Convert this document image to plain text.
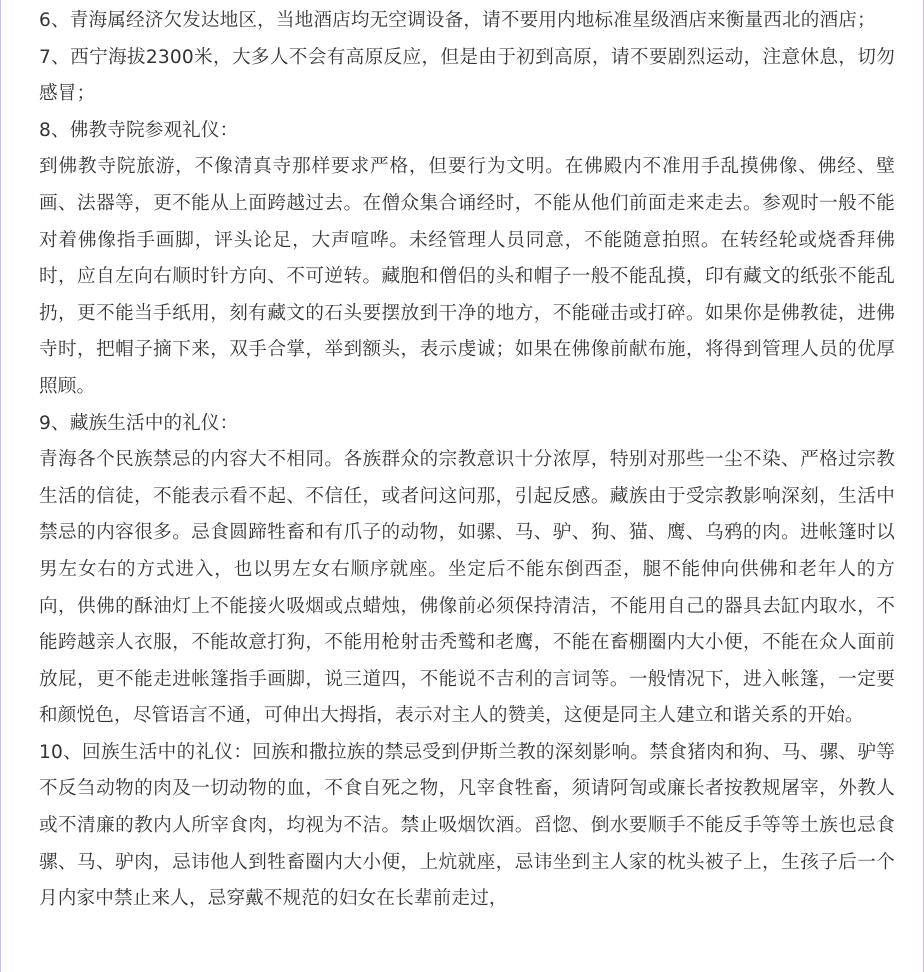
6、青海属经济欠发达地区，当地酒店均无空调设备，请不要用内地标准星级酒店来衡量西北的酒店；

7、西宁海拔2300米，大多人不会有高原反应，但是由于初到高原，请不要剧烈运动，注意休息，切勿感冒；

8、佛教寺院参观礼仪：

到佛教寺院旅游，不像清真寺那样要求严格，但要行为文明。在佛殿内不准用手乱摸佛像、佛经、壁画、法器等，更不能从上面跨越过去。在僧众集合诵经时，不能从他们前面走来走去。参观时一般不能对着佛像指手画脚，评头论足，大声喧哗。未经管理人员同意，不能随意拍照。在转经轮或烧香拜佛时，应自左向右顺时针方向、不可逆转。藏胞和僧侣的头和帽子一般不能乱摸，印有藏文的纸张不能乱扔，更不能当手纸用，刻有藏文的石头要摆放到干净的地方，不能碰击或打碎。如果你是佛教徒，进佛寺时，把帽子摘下来，双手合掌，举到额头，表示虔诚；如果在佛像前献布施，将得到管理人员的优厚照顾。

9、藏族生活中的礼仪：

青海各个民族禁忌的内容大不相同。各族群众的宗教意识十分浓厚，特别对那些一尘不染、严格过宗教生活的信徒，不能表示看不起、不信任，或者问这问那，引起反感。藏族由于受宗教影响深刻，生活中禁忌的内容很多。忌食圆蹄牲畜和有爪子的动物，如骡、马、驴、狗、猫、鹰、乌鸦的肉。进帐篷时以男左女右的方式进入，也以男左女右顺序就座。坐定后不能东倒西歪，腿不能伸向供佛和老年人的方向，供佛的酥油灯上不能接火吸烟或点蜡烛，佛像前必须保持清洁，不能用自己的器具去缸内取水，不能跨越亲人衣服，不能故意打狗，不能用枪射击秃鹫和老鹰，不能在畜棚圈内大小便，不能在众人面前放屁，更不能走进帐篷指手画脚，说三道四，不能说不吉利的言词等。一般情况下，进入帐篷，一定要和颜悦色，尽管语言不通，可伸出大拇指，表示对主人的赞美，这便是同主人建立和谐关系的开始。

10、回族生活中的礼仪：回族和撒拉族的禁忌受到伊斯兰教的深刻影响。禁食猪肉和狗、马、骡、驴等不反刍动物的肉及一切动物的血，不食自死之物，凡宰食牲畜，须请阿訇或廉长者按教规屠宰，外教人或不清廉的教内人所宰食肉，均视为不洁。禁止吸烟饮酒。舀惚、倒水要顺手不能反手等等土族也忌食骡、马、驴肉，忌讳他人到牲畜圈内大小便，上炕就座，忌讳坐到主人家的枕头被子上，生孩子后一个月内家中禁止来人，忌穿戴不规范的妇女在长辈前走过，
